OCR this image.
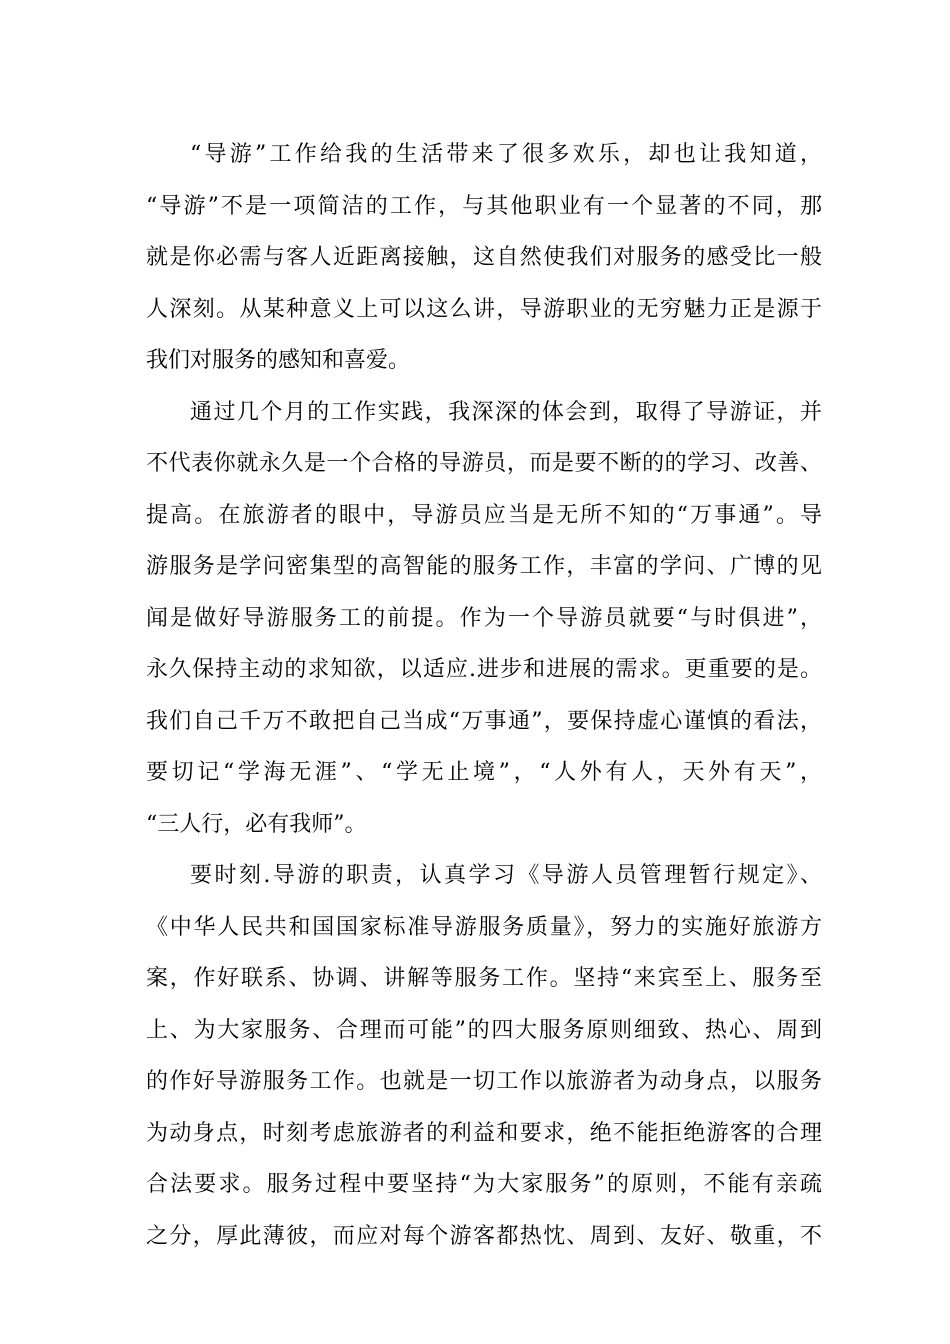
“导游”工作给我的生活带来了很多欢乐，却也让我知道，
“导游”不是一项简洁的工作，与其他职业有一个显著的不同，那
就是你必需与客人近距离接触，这自然使我们对服务的感受比一般
人深刻。从某种意义上可以这么讲，导游职业的无穷魅力正是源于
我们对服务的感知和喜爱。
通过几个月的工作实践，我深深的体会到，取得了导游证，并
不代表你就永久是一个合格的导游员，而是要不断的的学习、改善、
提高。在旅游者的眼中，导游员应当是无所不知的“万事通”。导
游服务是学问密集型的高智能的服务工作，丰富的学问、广博的见
闻是做好导游服务工的前提。作为一个导游员就要“与时俱进”，
永久保持主动的求知欲，以适应.进步和进展的需求。更重要的是。
我们自己千万不敢把自己当成“万事通”，要保持虚心谨慎的看法，
要切记“学海无涯”、“学无止境”，“人外有人，天外有天”，
“三人行，必有我师”。
要时刻.导游的职责，认真学习《导游人员管理暂行规定》、
《中华人民共和国国家标准导游服务质量》，努力的实施好旅游方
案，作好联系、协调、讲解等服务工作。坚持“来宾至上、服务至
上、为大家服务、合理而可能”的四大服务原则细致、热心、周到
的作好导游服务工作。也就是一切工作以旅游者为动身点，以服务
为动身点，时刻考虑旅游者的利益和要求，绝不能拒绝游客的合理
合法要求。服务过程中要坚持“为大家服务”的原则，不能有亲疏
之分，厚此薄彼，而应对每个游客都热忱、周到、友好、敬重，不
